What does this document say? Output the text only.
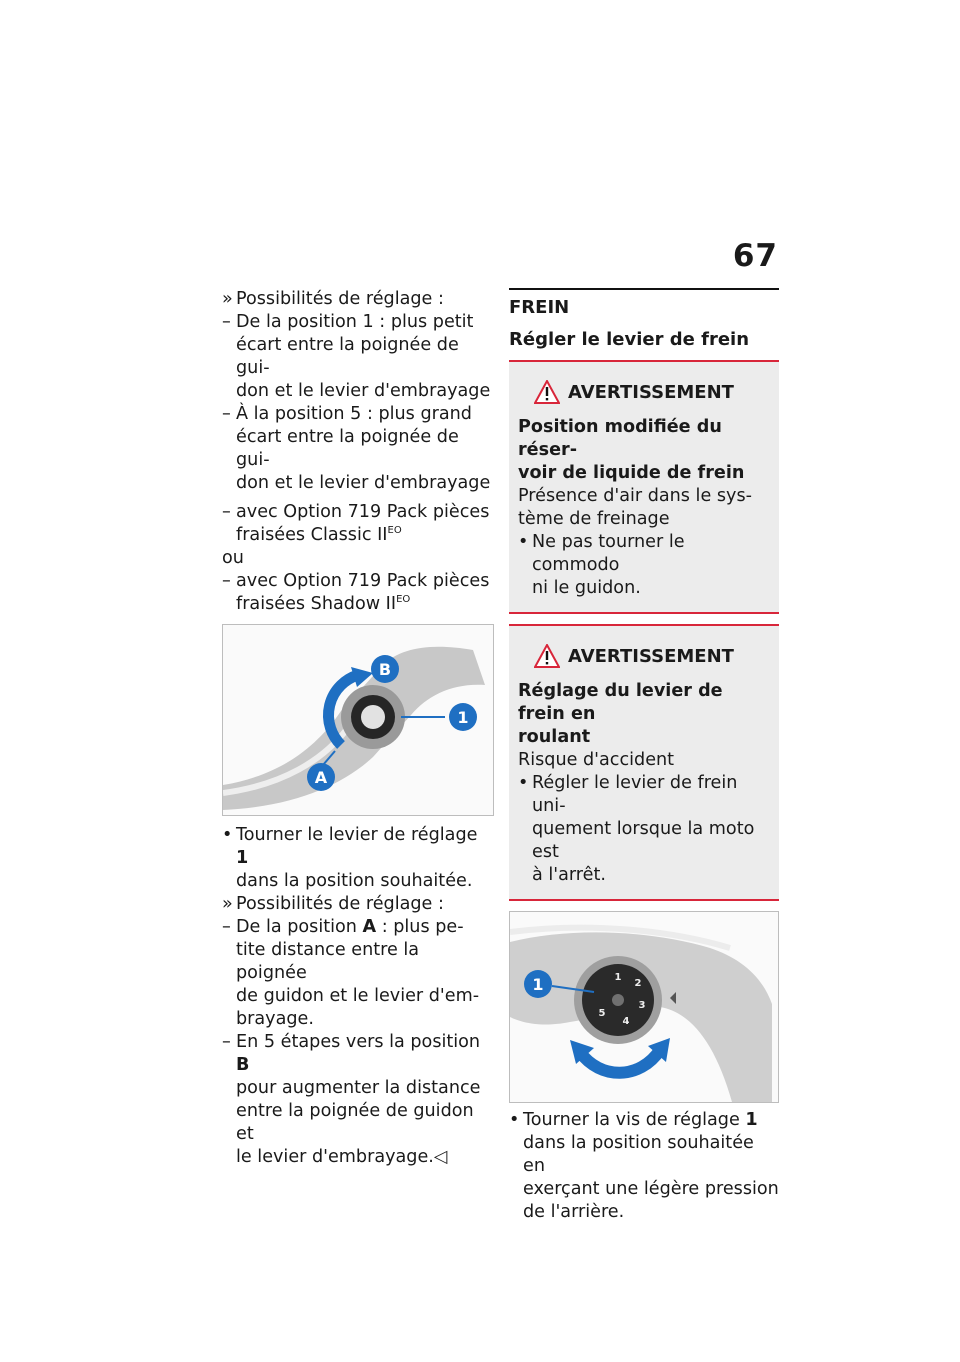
67
» Possibilités de réglage :
– De la position 1 : plus petit
écart entre la poignée de gui-
don et le levier d'embrayage
– À la position 5 : plus grand
écart entre la poignée de gui-
don et le levier d'embrayage
– avec Option 719 Pack pièces
fraisées Classic $II^{EO}$
ou
– avec Option 719 Pack pièces
fraisées Shadow $II^{EO}$
B
1
A
• Tourner le levier de réglage 1
dans la position souhaitée.
» Possibilités de réglage :
– De la position A : plus pe-
tite distance entre la poignée
de guidon et le levier d'em-
brayage.
– En 5 étapes vers la position B
pour augmenter la distance
entre la poignée de guidon et
le levier d'embrayage.◁
FREIN
Régler le levier de frein
AVERTISSEMENT
Position modifiée du réser-
voir de liquide de frein
Présence d'air dans le sys-
tème de freinage
• Ne pas tourner le commodo
ni le guidon.
AVERTISSEMENT
Réglage du levier de frein en
roulant
Risque d'accident
• Régler le levier de frein uni-
quement lorsque la moto est
à l'arrêt.
1
2
3
4
5
1
• Tourner la vis de réglage 1
dans la position souhaitée en
exerçant une légère pression
de l'arrière.
